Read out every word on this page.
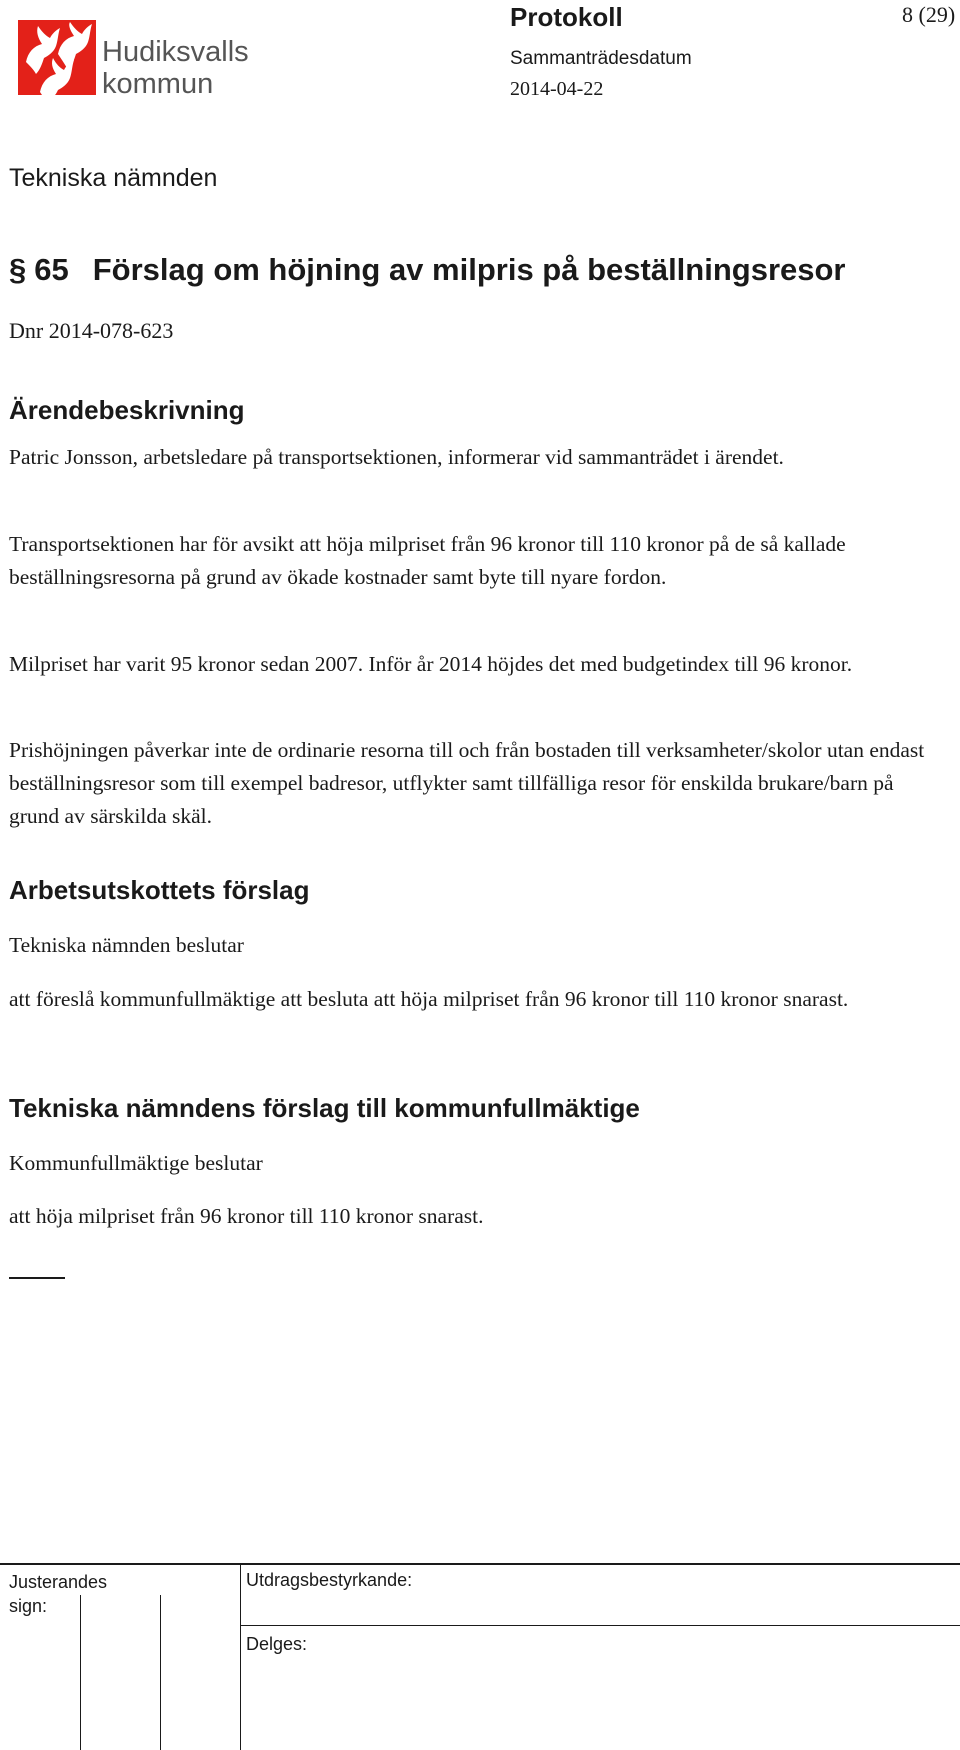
Hudiksvalls
kommun
Protokoll	8 (29)
Sammanträdesdatum
2014-04-22
Tekniska nämnden
§ 65 Förslag om höjning av milpris på beställningsresor
Dnr 2014-078-623
Ärendebeskrivning

Patric Jonsson, arbetsledare på transportsektionen, informerar vid sammanträdet i ärendet.

Transportsektionen har för avsikt att höja milpriset från 96 kronor till 110 kronor på de så kallade beställningsresorna på grund av ökade kostnader samt byte till nyare fordon.

Milpriset har varit 95 kronor sedan 2007. Inför år 2014 höjdes det med budgetindex till 96 kronor.

Prishöjningen påverkar inte de ordinarie resorna till och från bostaden till verksamheter/skolor utan endast beställningsresor som till exempel badresor, utflykter samt tillfälliga resor för enskilda brukare/barn på grund av särskilda skäl.

Arbetsutskottets förslag

Tekniska nämnden beslutar

att föreslå kommunfullmäktige att besluta att höja milpriset från 96 kronor till 110 kronor snarast.

Tekniska nämndens förslag till kommunfullmäktige

Kommunfullmäktige beslutar

att höja milpriset från 96 kronor till 110 kronor snarast.

Justerandes
sign:
Utdragsbestyrkande:
Delges:
